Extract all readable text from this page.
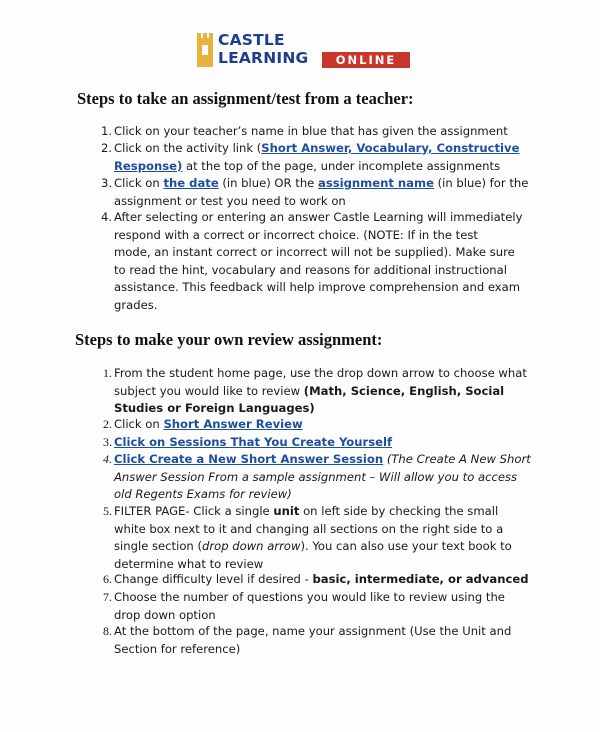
CASTLE
LEARNING	ONLINE
Steps to take an assignment/test from a teacher:
1. Click on your teacher’s name in blue that has given the assignment
2. Click on the activity link (Short Answer, Vocabulary, Constructive
Response) at the top of the page, under incomplete assignments
3. Click on the date (in blue) OR the assignment name (in blue) for the
assignment or test you need to work on
4. After selecting or entering an answer Castle Learning will immediately
respond with a correct or incorrect choice. (NOTE: If in the test
mode, an instant correct or incorrect will not be supplied). Make sure
to read the hint, vocabulary and reasons for additional instructional
assistance. This feedback will help improve comprehension and exam
grades.
Steps to make your own review assignment:
1. From the student home page, use the drop down arrow to choose what
subject you would like to review (Math, Science, English, Social
Studies or Foreign Languages)
2. Click on Short Answer Review
3. Click on Sessions That You Create Yourself
4. Click Create a New Short Answer Session (The Create A New Short
Answer Session From a sample assignment – Will allow you to access
old Regents Exams for review)
5. FILTER PAGE- Click a single unit on left side by checking the small
white box next to it and changing all sections on the right side to a
single section (drop down arrow). You can also use your text book to
determine what to review
6. Change difficulty level if desired - basic, intermediate, or advanced
7. Choose the number of questions you would like to review using the
drop down option
8. At the bottom of the page, name your assignment (Use the Unit and
Section for reference)
